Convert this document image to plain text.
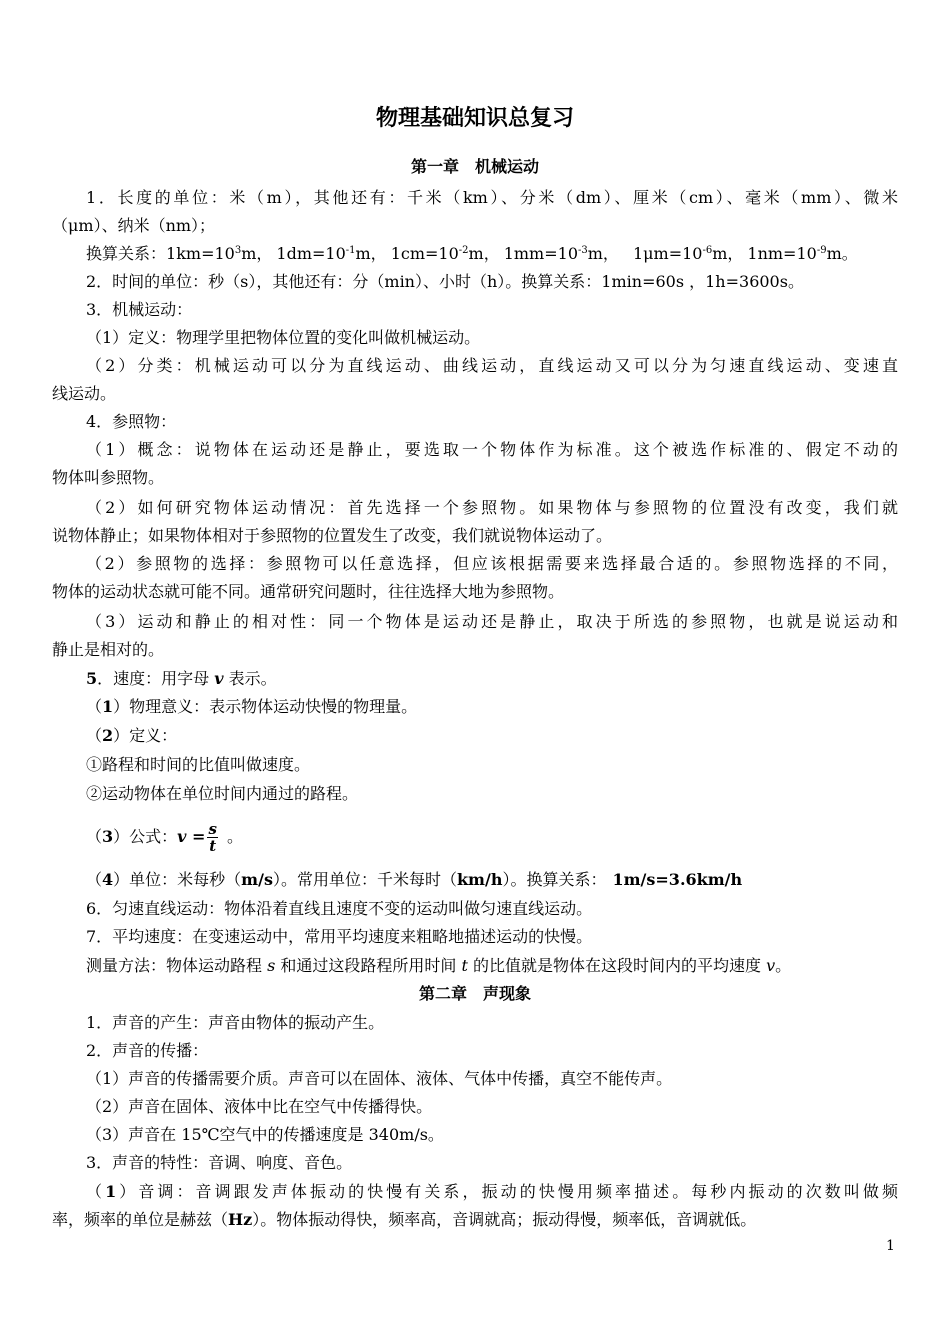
物理基础知识总复习
第一章　机械运动
1．长度的单位：米（m），其他还有：千米（km）、分米（dm）、厘米（cm）、毫米（mm）、微米
（μm）、纳米（nm）；
换算关系：$1km=10^3m$， $1dm=10^{-1}m$， $1cm=10^{-2}m$， $1mm=10^{-3}m$， $1\mu m=10^{-6}m$， $1nm=10^{-9}m$。
2．时间的单位：秒（s），其他还有：分（min）、小时（h）。换算关系：1min=60s ，1h=3600s。
3．机械运动：
（1）定义：物理学里把物体位置的变化叫做机械运动。
（2）分类：机械运动可以分为直线运动、曲线运动，直线运动又可以分为匀速直线运动、变速直
线运动。
4．参照物：
（1）概念：说物体在运动还是静止，要选取一个物体作为标准。这个被选作标准的、假定不动的
物体叫参照物。
（2）如何研究物体运动情况：首先选择一个参照物。如果物体与参照物的位置没有改变，我们就
说物体静止；如果物体相对于参照物的位置发生了改变，我们就说物体运动了。
（2）参照物的选择：参照物可以任意选择，但应该根据需要来选择最合适的。参照物选择的不同，
物体的运动状态就可能不同。通常研究问题时，往往选择大地为参照物。
（3）运动和静止的相对性：同一个物体是运动还是静止，取决于所选的参照物，也就是说运动和
静止是相对的。
5．速度：用字母 v 表示。
（1）物理意义：表示物体运动快慢的物理量。
（2）定义：
①路程和时间的比值叫做速度。
②运动物体在单位时间内通过的路程。
（3）公式：$v = \frac{s}{t}$ 。
（4）单位：米每秒（m/s）。常用单位：千米每时（km/h）。换算关系： 1m/s=3.6km/h
6．匀速直线运动：物体沿着直线且速度不变的运动叫做匀速直线运动。
7．平均速度：在变速运动中，常用平均速度来粗略地描述运动的快慢。
测量方法：物体运动路程 s 和通过这段路程所用时间 t 的比值就是物体在这段时间内的平均速度 v。
第二章　声现象
1．声音的产生：声音由物体的振动产生。
2．声音的传播：
（1）声音的传播需要介质。声音可以在固体、液体、气体中传播，真空不能传声。
（2）声音在固体、液体中比在空气中传播得快。
（3）声音在 15℃空气中的传播速度是 340m/s。
3．声音的特性：音调、响度、音色。
（1）音调：音调跟发声体振动的快慢有关系，振动的快慢用频率描述。每秒内振动的次数叫做频
率，频率的单位是赫兹（Hz）。物体振动得快，频率高，音调就高；振动得慢，频率低，音调就低。
1
